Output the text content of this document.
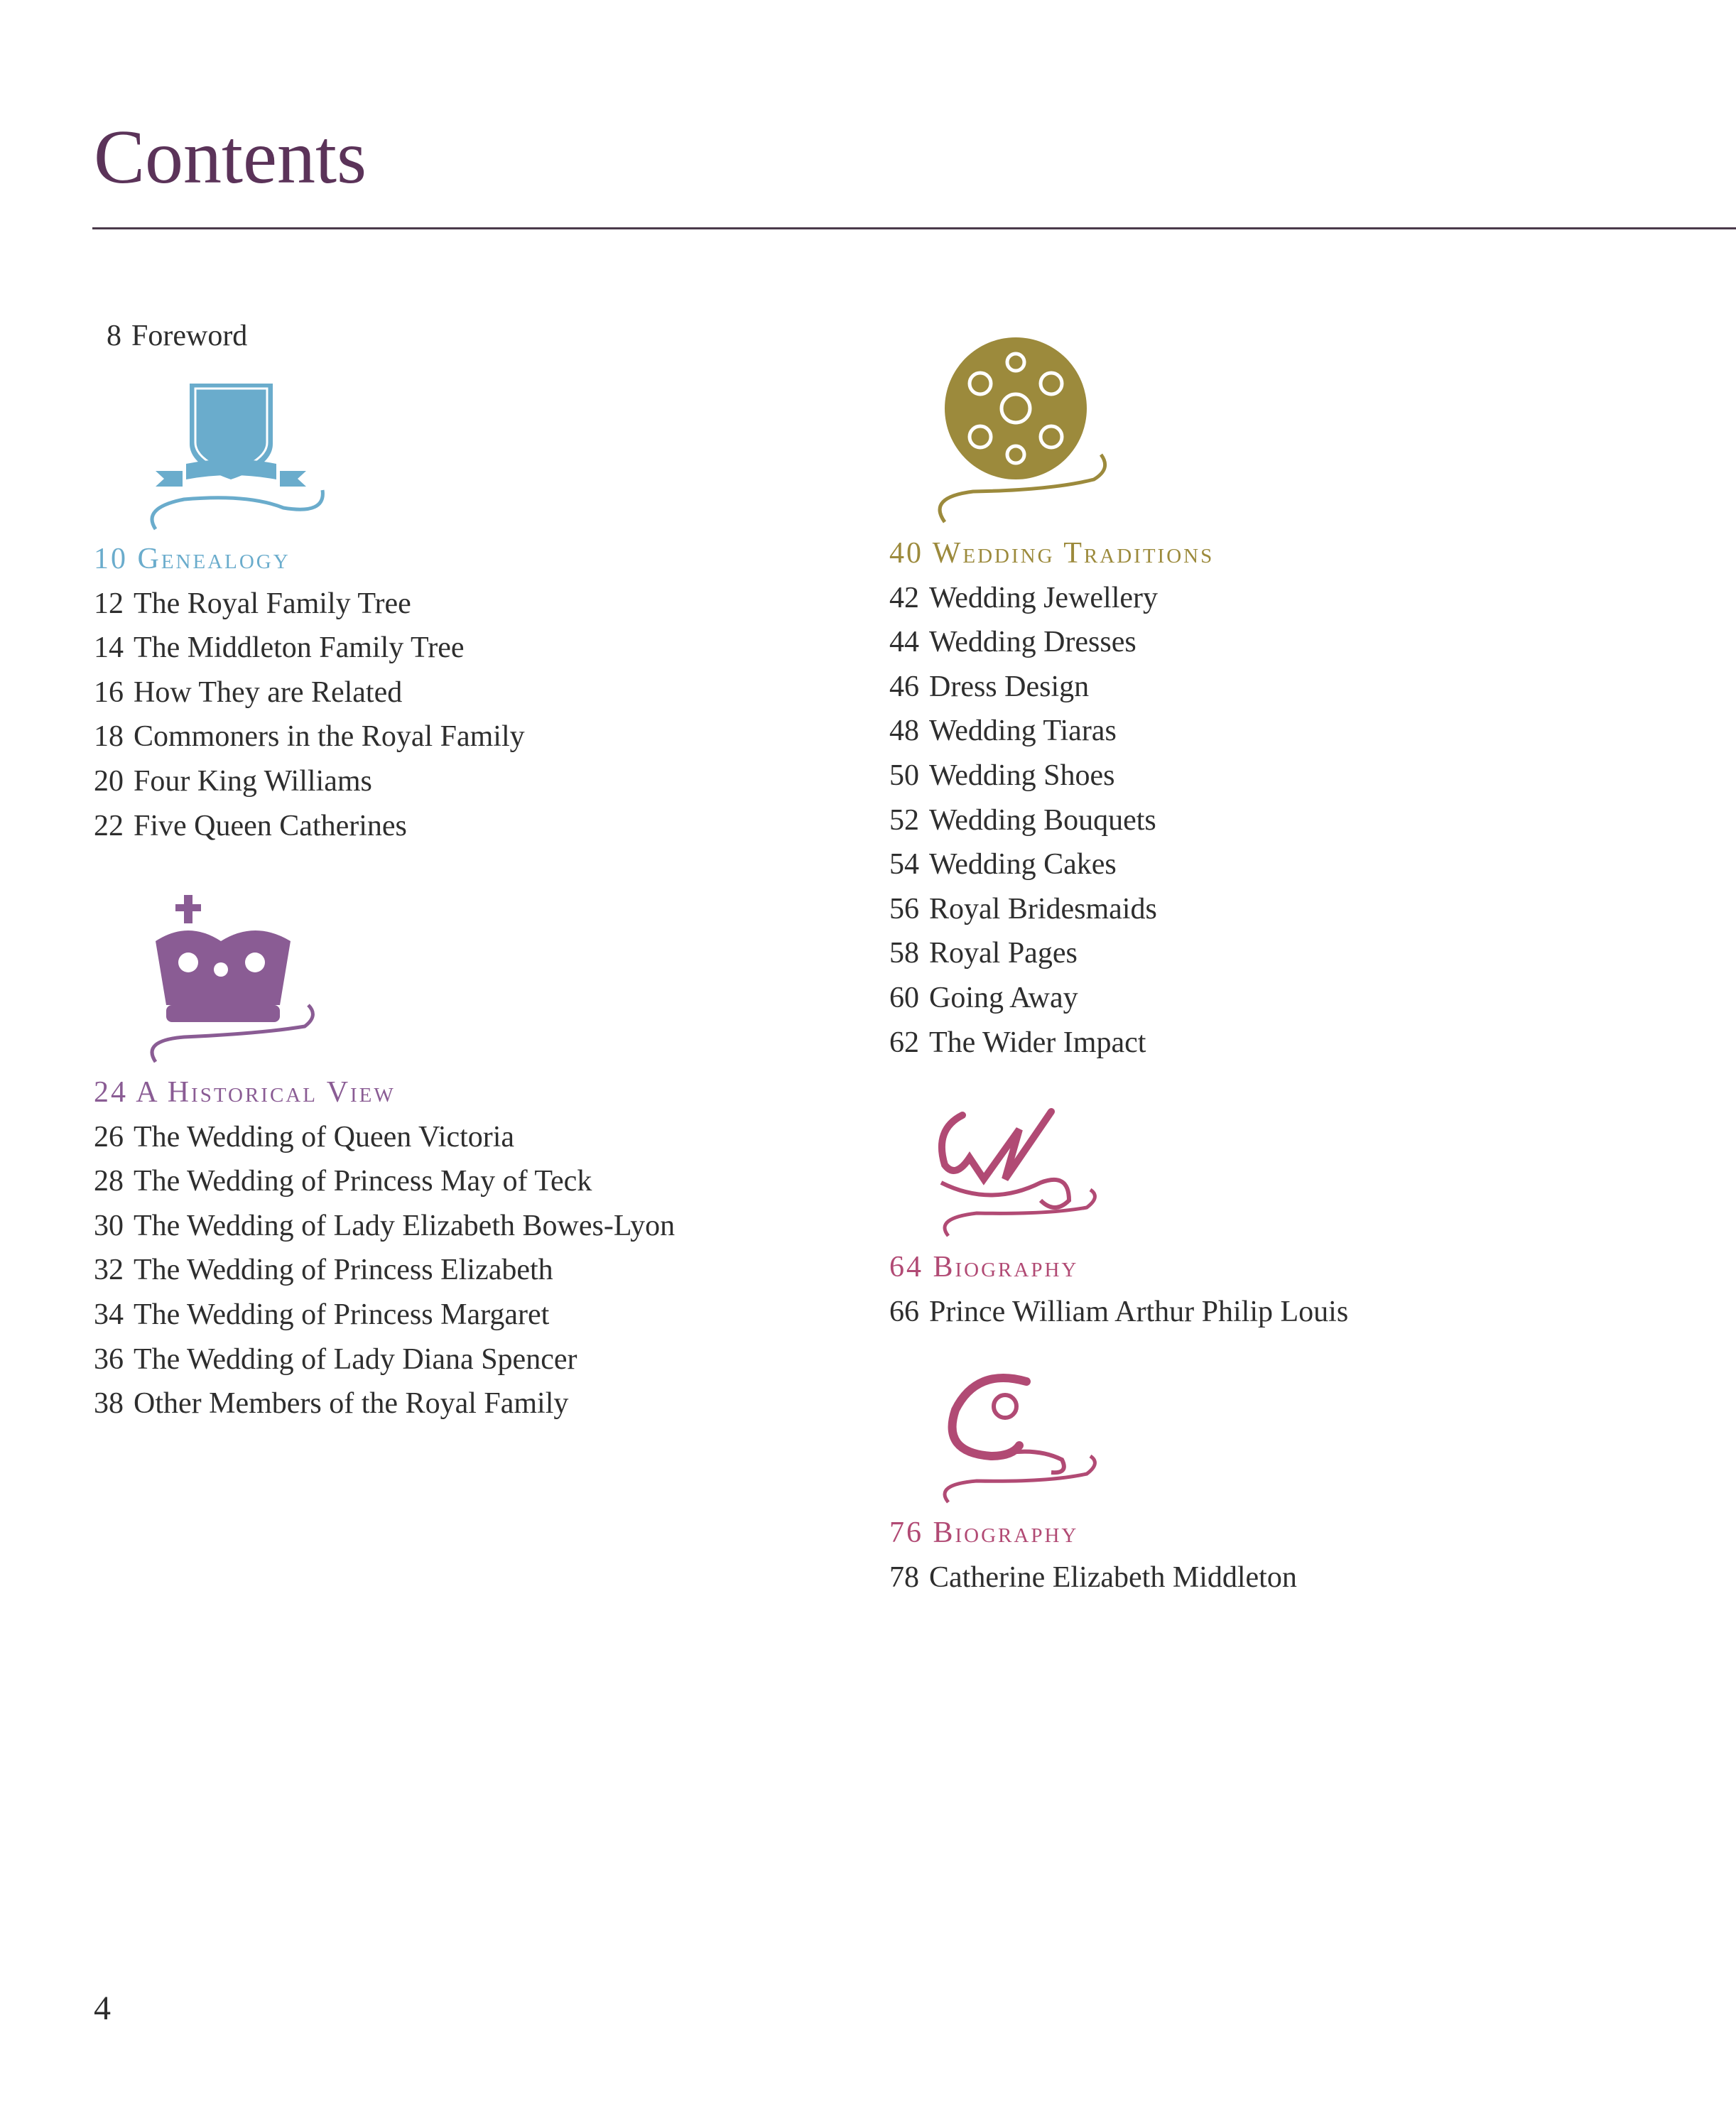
Contents
8 Foreword
10 Genealogy
12 The Royal Family Tree
14 The Middleton Family Tree
16 How They are Related
18 Commoners in the Royal Family
20 Four King Williams
22 Five Queen Catherines
24 A Historical View
26 The Wedding of Queen Victoria
28 The Wedding of Princess May of Teck
30 The Wedding of Lady Elizabeth Bowes-Lyon
32 The Wedding of Princess Elizabeth
34 The Wedding of Princess Margaret
36 The Wedding of Lady Diana Spencer
38 Other Members of the Royal Family
40 Wedding Traditions
42 Wedding Jewellery
44 Wedding Dresses
46 Dress Design
48 Wedding Tiaras
50 Wedding Shoes
52 Wedding Bouquets
54 Wedding Cakes
56 Royal Bridesmaids
58 Royal Pages
60 Going Away
62 The Wider Impact
64 Biography
66 Prince William Arthur Philip Louis
76 Biography
78 Catherine Elizabeth Middleton
4
